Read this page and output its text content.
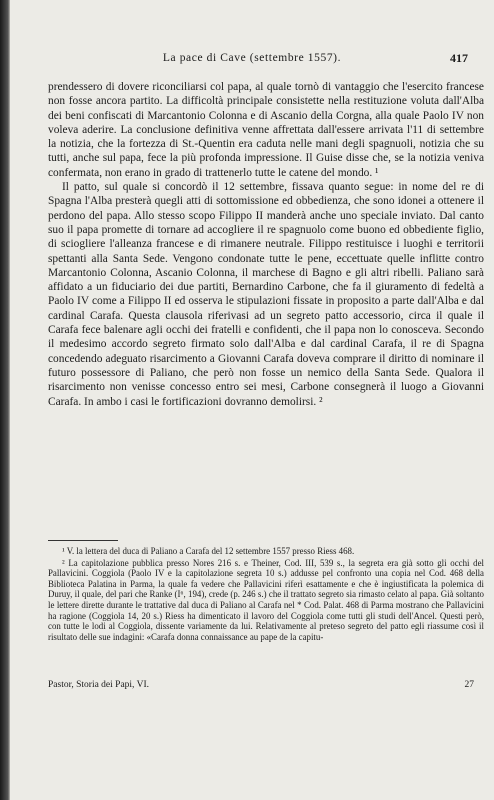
La pace di Cave (settembre 1557).	417

prendessero di dovere riconciliarsi col papa, al quale tornò di vantaggio che l'esercito francese non fosse ancora partito. La difficoltà principale consistette nella restituzione voluta dall'Alba dei beni confiscati di Marcantonio Colonna e di Ascanio della Corgna, alla quale Paolo IV non voleva aderire. La conclusione definitiva venne affrettata dall'essere arrivata l'11 di settembre la notizia, che la fortezza di St.-Quentin era caduta nelle mani degli spagnuoli, notizia che su tutti, anche sul papa, fece la più profonda impressione. Il Guise disse che, se la notizia veniva confermata, non erano in grado di trattenerlo tutte le catene del mondo. ¹

Il patto, sul quale si concordò il 12 settembre, fissava quanto segue: in nome del re di Spagna l'Alba presterà quegli atti di sottomissione ed obbedienza, che sono idonei a ottenere il perdono del papa. Allo stesso scopo Filippo II manderà anche uno speciale inviato. Dal canto suo il papa promette di tornare ad accogliere il re spagnuolo come buono ed obbediente figlio, di sciogliere l'alleanza francese e di rimanere neutrale. Filippo restituisce i luoghi e territorii spettanti alla Santa Sede. Vengono condonate tutte le pene, eccettuate quelle inflitte contro Marcantonio Colonna, Ascanio Colonna, il marchese di Bagno e gli altri ribelli. Paliano sarà affidato a un fiduciario dei due partiti, Bernardino Carbone, che fa il giuramento di fedeltà a Paolo IV come a Filippo II ed osserva le stipulazioni fissate in proposito a parte dall'Alba e dal cardinal Carafa. Questa clausola riferivasi ad un segreto patto accessorio, circa il quale il Carafa fece balenare agli occhi dei fratelli e confidenti, che il papa non lo conosceva. Secondo il medesimo accordo segreto firmato solo dall'Alba e dal cardinal Carafa, il re di Spagna concedendo adeguato risarcimento a Giovanni Carafa doveva comprare il diritto di nominare il futuro possessore di Paliano, che però non fosse un nemico della Santa Sede. Qualora il risarcimento non venisse concesso entro sei mesi, Carbone consegnerà il luogo a Giovanni Carafa. In ambo i casi le fortificazioni dovranno demolirsi. ²

¹ V. la lettera del duca di Paliano a Carafa del 12 settembre 1557 presso Riess 468.

² La capitolazione pubblica presso Nores 216 s. e Theiner, Cod. III, 539 s., la segreta era già sotto gli occhi del Pallavicini. Coggiola (Paolo IV e la capitolazione segreta 10 s.) addusse pel confronto una copia nel Cod. 468 della Biblioteca Palatina in Parma, la quale fa vedere che Pallavicini riferì esattamente e che è ingiustificata la polemica di Duruy, il quale, del pari che Ranke (I⁶, 194), crede (p. 246 s.) che il trattato segreto sia rimasto celato al papa. Già soltanto le lettere dirette durante le trattative dal duca di Paliano al Carafa nel * Cod. Palat. 468 di Parma mostrano che Pallavicini ha ragione (Coggiola 14, 20 s.) Riess ha dimenticato il lavoro del Coggiola come tutti gli studi dell'Ancel. Questi però, con tutte le lodi al Coggiola, dissente variamente da lui. Relativamente al preteso segreto del patto egli riassume così il risultato delle sue indagini: «Carafa donna connaissance au pape de la capitu-

Pastor, Storia dei Papi, VI.	27
